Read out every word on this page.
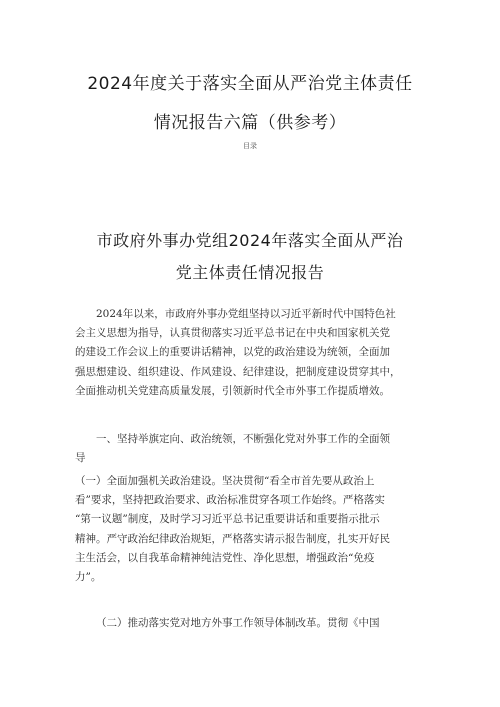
2024年度关于落实全面从严治党主体责任
情况报告六篇（供参考）
目录
市政府外事办党组2024年落实全面从严治
党主体责任情况报告
2024年以来，市政府外事办党组坚持以习近平新时代中国特色社
会主义思想为指导，认真贯彻落实习近平总书记在中央和国家机关党
的建设工作会议上的重要讲话精神，以党的政治建设为统领，全面加
强思想建设、组织建设、作风建设、纪律建设，把制度建设贯穿其中，
全面推动机关党建高质量发展，引领新时代全市外事工作提质增效。
一、坚持举旗定向、政治统领，不断强化党对外事工作的全面领
导
（一）全面加强机关政治建设。坚决贯彻“看全市首先要从政治上
看”要求，坚持把政治要求、政治标准贯穿各项工作始终。严格落实
“第一议题”制度，及时学习习近平总书记重要讲话和重要指示批示
精神。严守政治纪律政治规矩，严格落实请示报告制度，扎实开好民
主生活会，以自我革命精神纯洁党性、净化思想，增强政治“免疫
力”。
（二）推动落实党对地方外事工作领导体制改革。贯彻《中国
